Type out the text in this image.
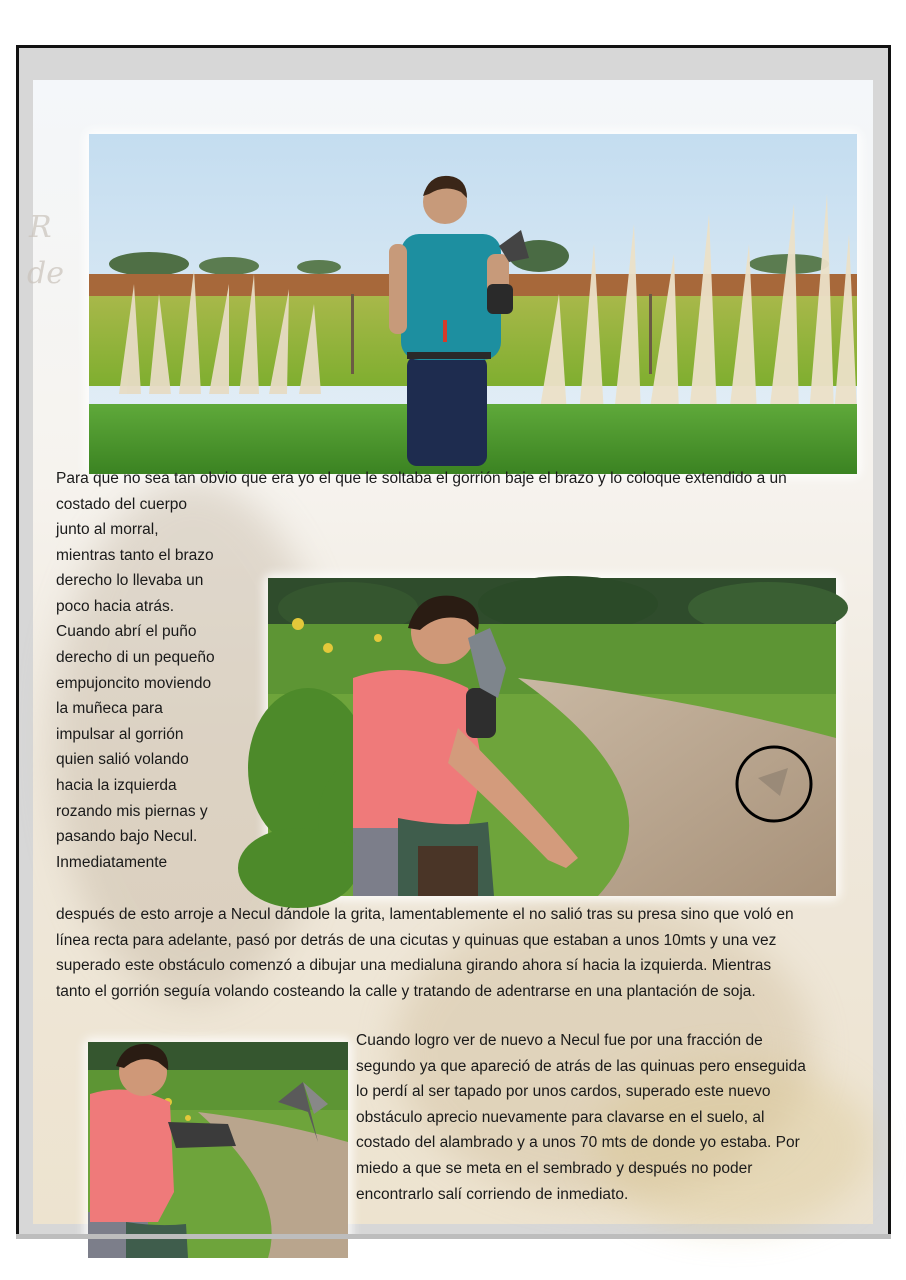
R
de
Para que no sea tan obvio que era yo el que le soltaba el gorrión baje el brazo y lo coloque extendido a un
costado del cuerpo
junto al morral,
mientras tanto el brazo
derecho lo llevaba un
poco hacia atrás.
Cuando abrí el puño
derecho di un pequeño
empujoncito moviendo
la muñeca para
impulsar al gorrión
quien salió volando
hacia la izquierda
rozando mis piernas y
pasando bajo Necul.
Inmediatamente
después de esto arroje a Necul dándole la grita, lamentablemente el no salió tras su presa sino que voló en
línea recta para adelante, pasó por detrás de una cicutas y quinuas que estaban a unos 10mts y una vez
superado este obstáculo comenzó a dibujar una medialuna girando ahora sí hacia la izquierda. Mientras
tanto el gorrión seguía volando costeando la calle y tratando de adentrarse en una plantación de soja.
Cuando logro ver de nuevo a Necul fue por una fracción de
segundo ya que apareció de atrás de las quinuas pero enseguida
lo perdí al ser tapado por unos cardos, superado este nuevo
obstáculo aprecio nuevamente para clavarse en el suelo, al
costado del alambrado y a unos 70 mts de donde yo estaba. Por
miedo a que se meta en el sembrado y después no poder
encontrarlo salí corriendo de inmediato.
